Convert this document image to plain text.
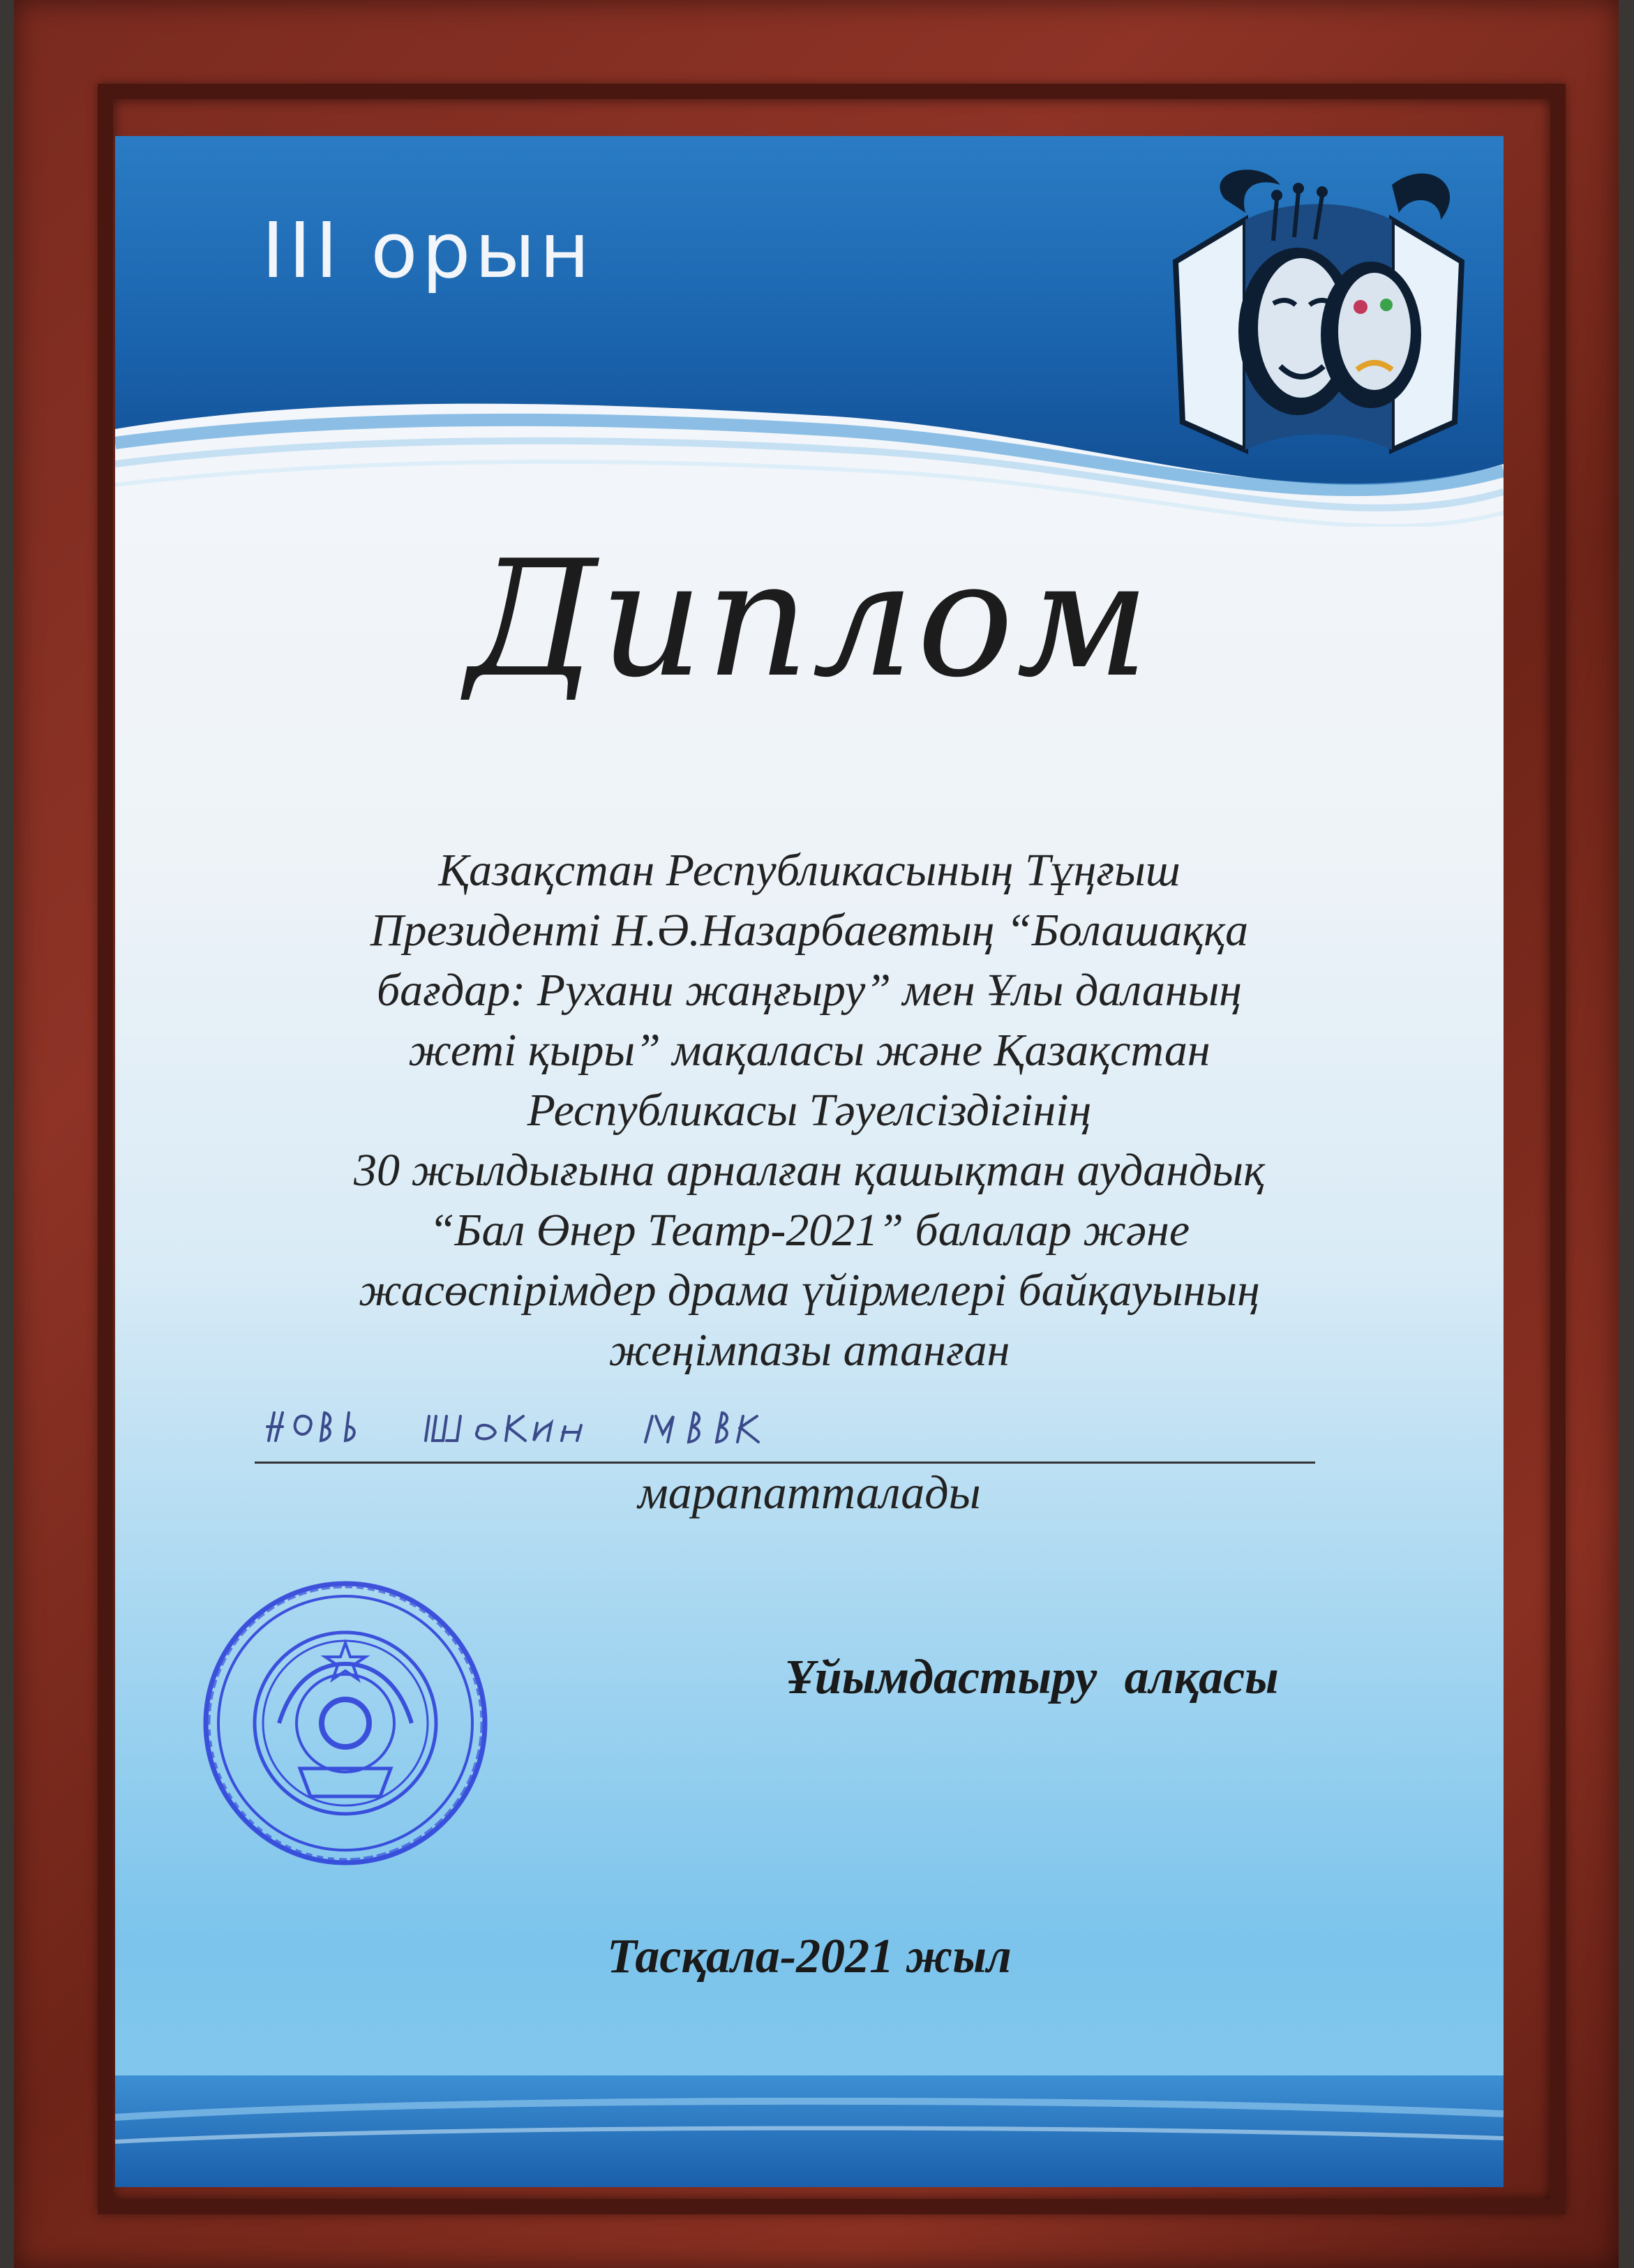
III орын
Диплом
Қазақстан Республикасының Тұңғыш
Президенті Н.Ә.Назарбаевтың “Болашаққа
бағдар: Рухани жаңғыру” мен Ұлы даланың
жеті қыры” мақаласы және Қазақстан
Республикасы Тәуелсіздігінің
30 жылдығына арналған қашықтан аудандық
“Бал Өнер Театр-2021” балалар және
жасөспірімдер драма үйірмелері байқауының
жеңімпазы атанған
марапатталады
Ұйымдастыру алқасы
Тасқала-2021 жыл
